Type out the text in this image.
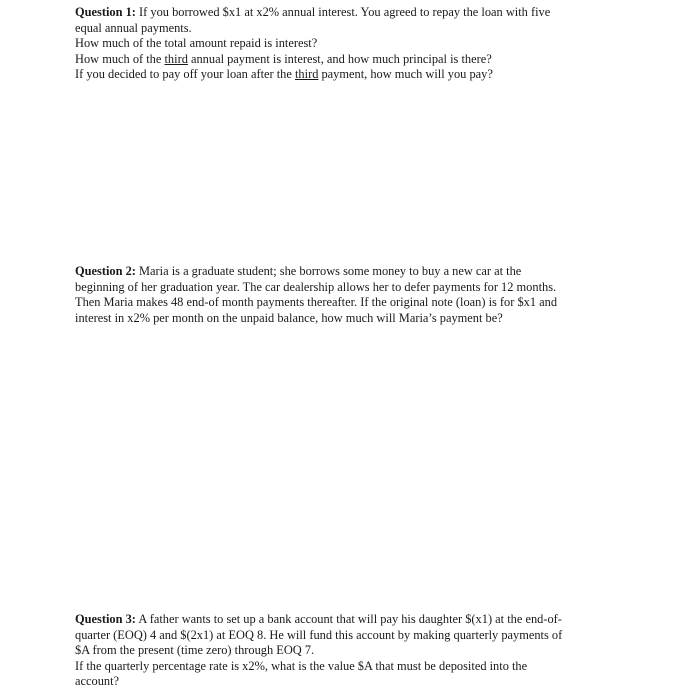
Question 1: If you borrowed $x1 at x2% annual interest. You agreed to repay the loan with five
equal annual payments.
How much of the total amount repaid is interest?
How much of the third annual payment is interest, and how much principal is there?
If you decided to pay off your loan after the third payment, how much will you pay?
Question 2: Maria is a graduate student; she borrows some money to buy a new car at the
beginning of her graduation year. The car dealership allows her to defer payments for 12 months.
Then Maria makes 48 end-of month payments thereafter. If the original note (loan) is for $x1 and
interest in x2% per month on the unpaid balance, how much will Maria’s payment be?
Question 3: A father wants to set up a bank account that will pay his daughter $(x1) at the end-of-
quarter (EOQ) 4 and $(2x1) at EOQ 8. He will fund this account by making quarterly payments of
$A from the present (time zero) through EOQ 7.
If the quarterly percentage rate is x2%, what is the value $A that must be deposited into the
account?
